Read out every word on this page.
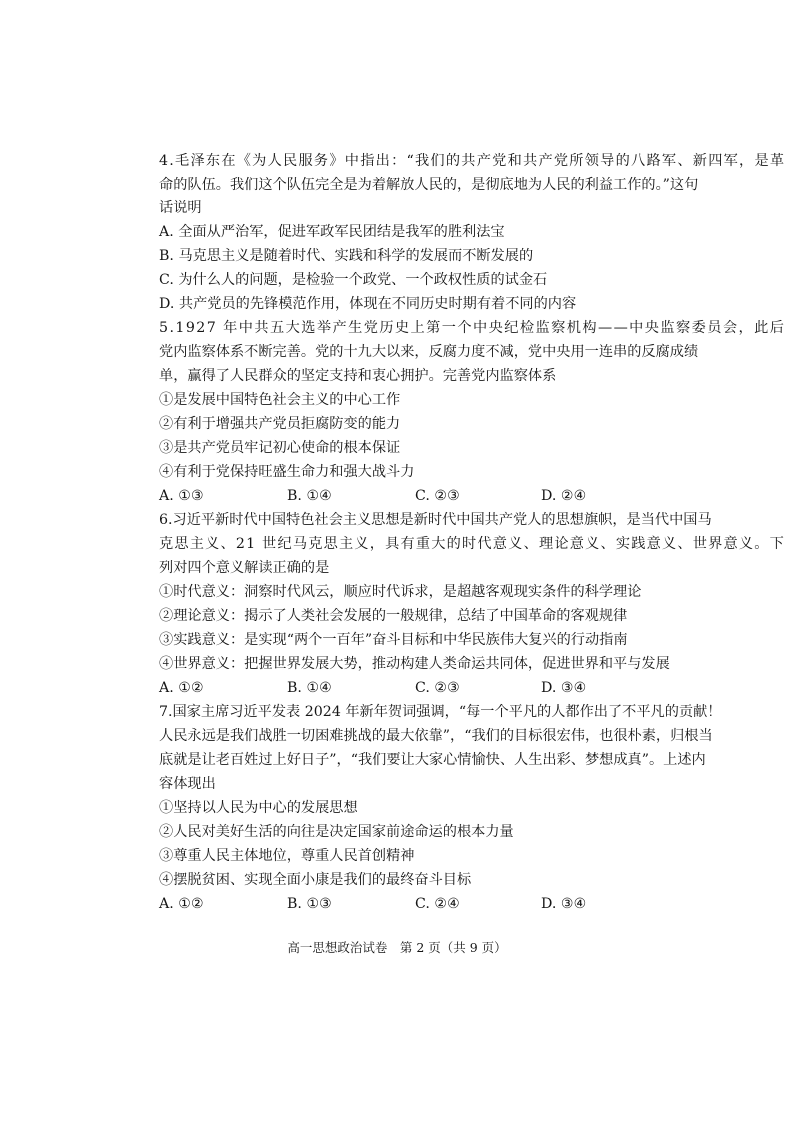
4.毛泽东在《为人民服务》中指出：“我们的共产党和共产党所领导的八路军、新四军，是革
命的队伍。我们这个队伍完全是为着解放人民的，是彻底地为人民的利益工作的。”这句
话说明
A. 全面从严治军，促进军政军民团结是我军的胜利法宝
B. 马克思主义是随着时代、实践和科学的发展而不断发展的
C. 为什么人的问题，是检验一个政党、一个政权性质的试金石
D. 共产党员的先锋模范作用，体现在不同历史时期有着不同的内容
5.1927 年中共五大选举产生党历史上第一个中央纪检监察机构——中央监察委员会，此后
党内监察体系不断完善。党的十九大以来，反腐力度不减，党中央用一连串的反腐成绩
单，赢得了人民群众的坚定支持和衷心拥护。完善党内监察体系
①是发展中国特色社会主义的中心工作
②有利于增强共产党员拒腐防变的能力
③是共产党员牢记初心使命的根本保证
④有利于党保持旺盛生命力和强大战斗力
A. ①③	B. ①④	C. ②③	D. ②④
6.习近平新时代中国特色社会主义思想是新时代中国共产党人的思想旗帜，是当代中国马
克思主义、21 世纪马克思主义，具有重大的时代意义、理论意义、实践意义、世界意义。下
列对四个意义解读正确的是
①时代意义：洞察时代风云，顺应时代诉求，是超越客观现实条件的科学理论
②理论意义：揭示了人类社会发展的一般规律，总结了中国革命的客观规律
③实践意义：是实现“两个一百年”奋斗目标和中华民族伟大复兴的行动指南
④世界意义：把握世界发展大势，推动构建人类命运共同体，促进世界和平与发展
A. ①②	B. ①④	C. ②③	D. ③④
7.国家主席习近平发表 2024 年新年贺词强调，“每一个平凡的人都作出了不平凡的贡献！
人民永远是我们战胜一切困难挑战的最大依靠”，“我们的目标很宏伟，也很朴素，归根当
底就是让老百姓过上好日子”，“我们要让大家心情愉快、人生出彩、梦想成真”。上述内
容体现出
①坚持以人民为中心的发展思想
②人民对美好生活的向往是决定国家前途命运的根本力量
③尊重人民主体地位，尊重人民首创精神
④摆脱贫困、实现全面小康是我们的最终奋斗目标
A. ①②	B. ①③	C. ②④	D. ③④
高一思想政治试卷　第 2 页（共 9 页）
